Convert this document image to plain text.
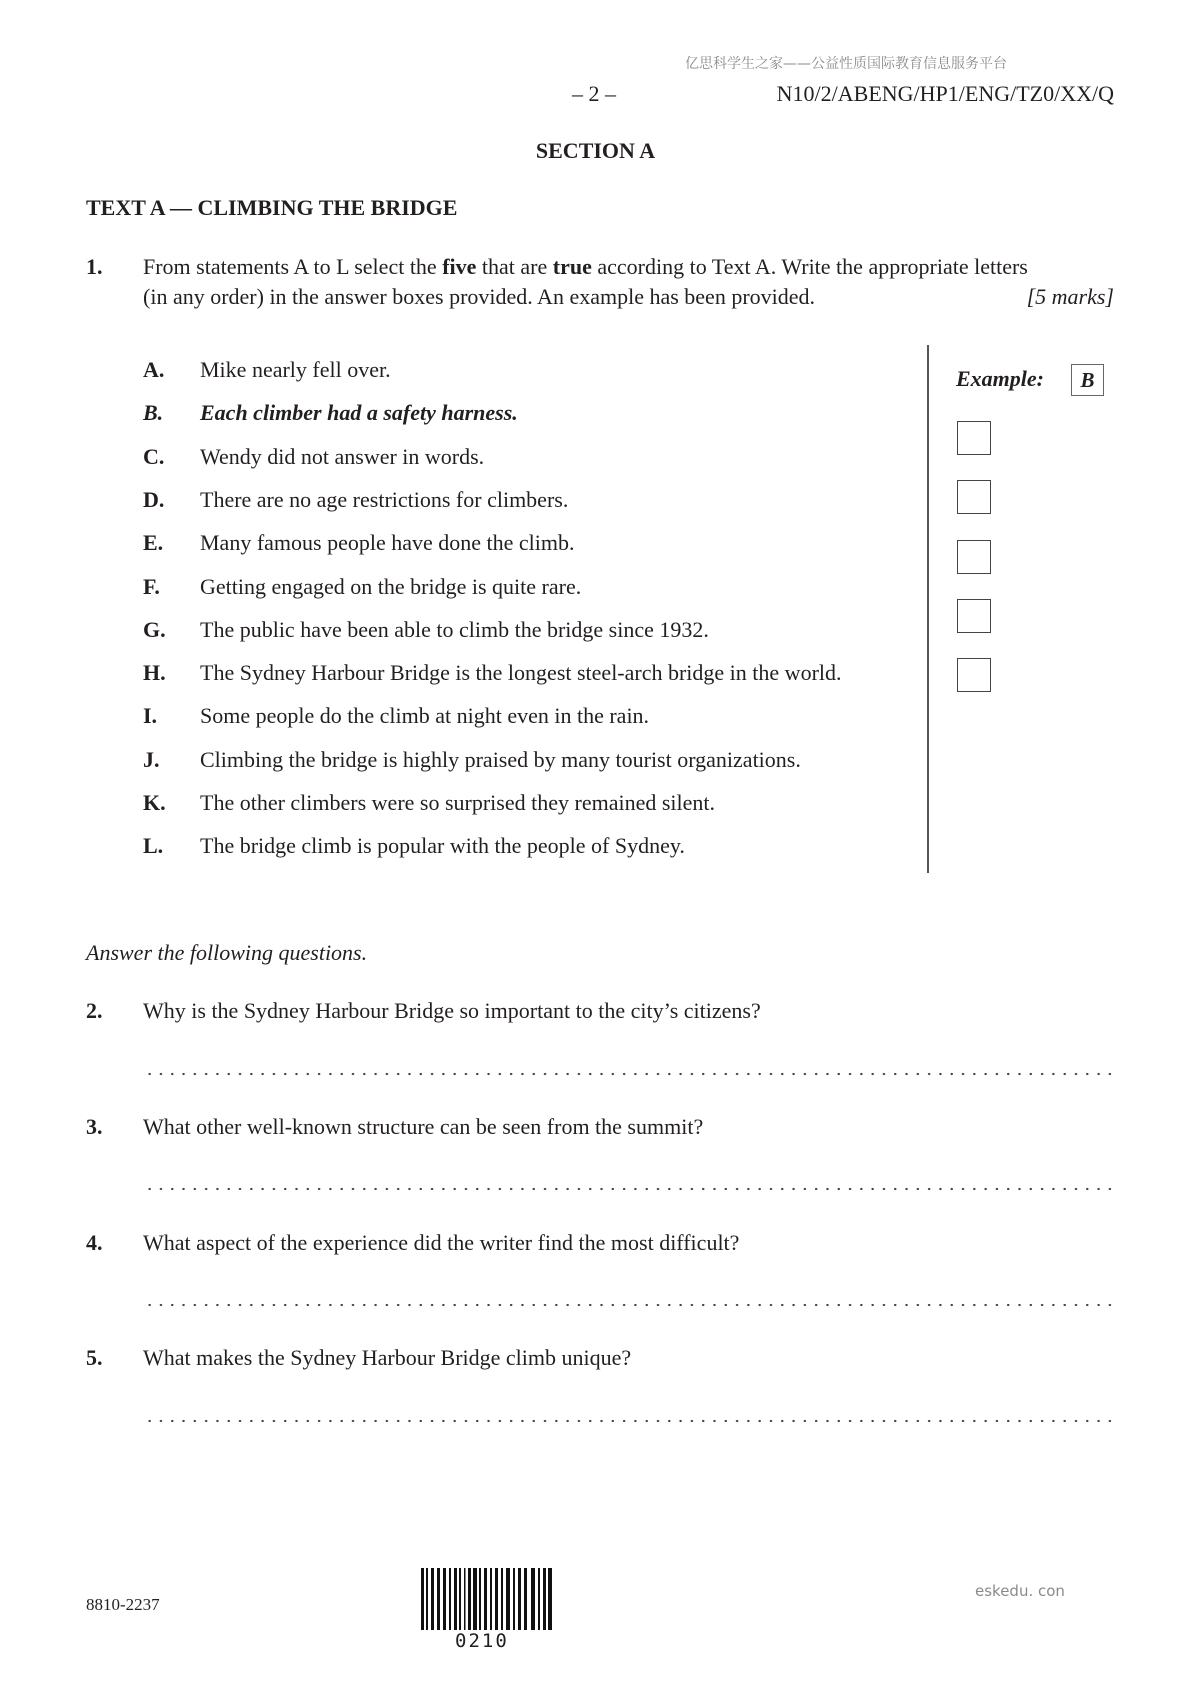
亿思科学生之家——公益性质国际教育信息服务平台
– 2 –	N10/2/ABENG/HP1/ENG/TZ0/XX/Q
SECTION A
TEXT A — CLIMBING THE BRIDGE
1. From statements A to L select the five that are true according to Text A. Write the appropriate letters
(in any order) in the answer boxes provided. An example has been provided.	[5 marks]
A. Mike nearly fell over.
B. Each climber had a safety harness.
C. Wendy did not answer in words.
D. There are no age restrictions for climbers.
E. Many famous people have done the climb.
F. Getting engaged on the bridge is quite rare.
G. The public have been able to climb the bridge since 1932.
H. The Sydney Harbour Bridge is the longest steel-arch bridge in the world.
I. Some people do the climb at night even in the rain.
J. Climbing the bridge is highly praised by many tourist organizations.
K. The other climbers were so surprised they remained silent.
L. The bridge climb is popular with the people of Sydney.
Example:	B
Answer the following questions.
2. Why is the Sydney Harbour Bridge so important to the city’s citizens?
3. What other well-known structure can be seen from the summit?
4. What aspect of the experience did the writer find the most difficult?
5. What makes the Sydney Harbour Bridge climb unique?
8810-2237
0210
eskedu. con
